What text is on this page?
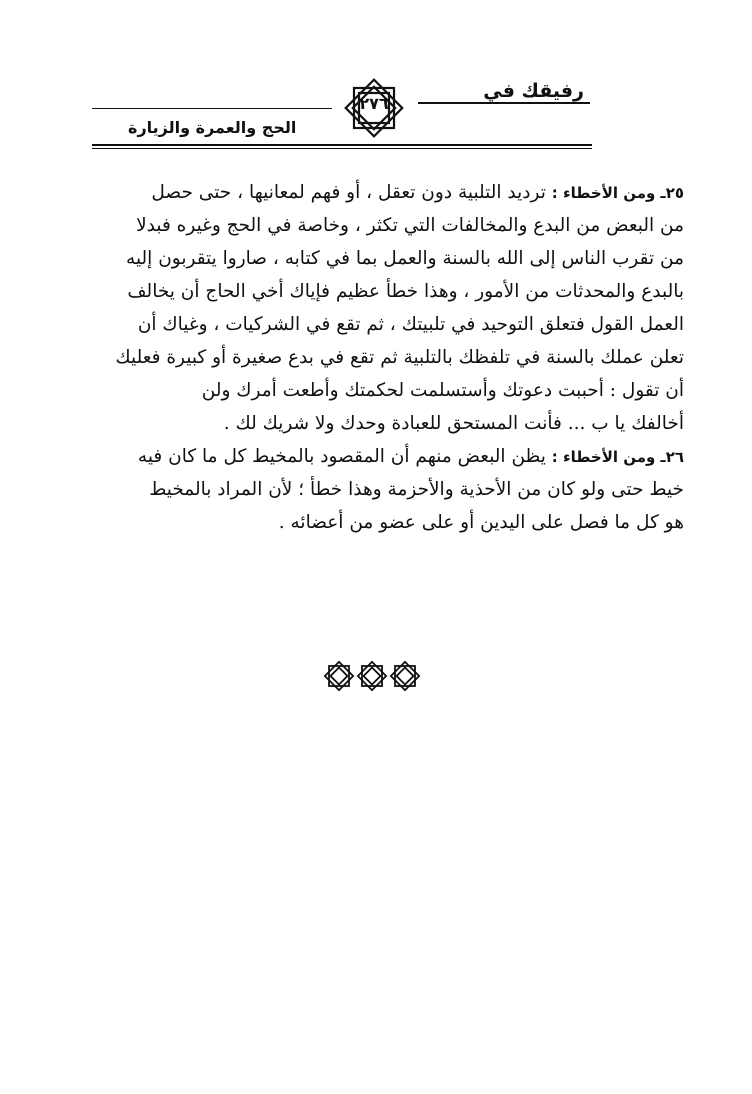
رفيقك في
٢٧٦
الحج والعمرة والزيارة
٢٥ـ ومن الأخطاء : ترديد التلبية دون تعقل ، أو فهم لمعانيها ، حتى حصل
من البعض من البدع والمخالفات التي تكثر ، وخاصة في الحج وغيره فبدلا
من تقرب الناس إلى الله بالسنة والعمل بما في كتابه ، صاروا يتقربون إليه
بالبدع والمحدثات من الأمور ، وهذا خطأ عظيم فإياك أخي الحاج أن يخالف
العمل القول فتعلق التوحيد في تلبيتك ، ثم تقع في الشركيات ، وغياك أن
تعلن عملك بالسنة في تلفظك بالتلبية ثم تقع في بدع صغيرة أو كبيرة فعليك
أن تقول : أحببت دعوتك وأستسلمت لحكمتك وأطعت أمرك ولن
أخالفك يا ب ... فأنت المستحق للعبادة وحدك ولا شريك لك .
٢٦ـ ومن الأخطاء : يظن البعض منهم أن المقصود بالمخيط كل ما كان فيه
خيط حتى ولو كان من الأحذية والأحزمة وهذا خطأ ؛ لأن المراد بالمخيط
هو كل ما فصل على اليدين أو على عضو من أعضائه .
